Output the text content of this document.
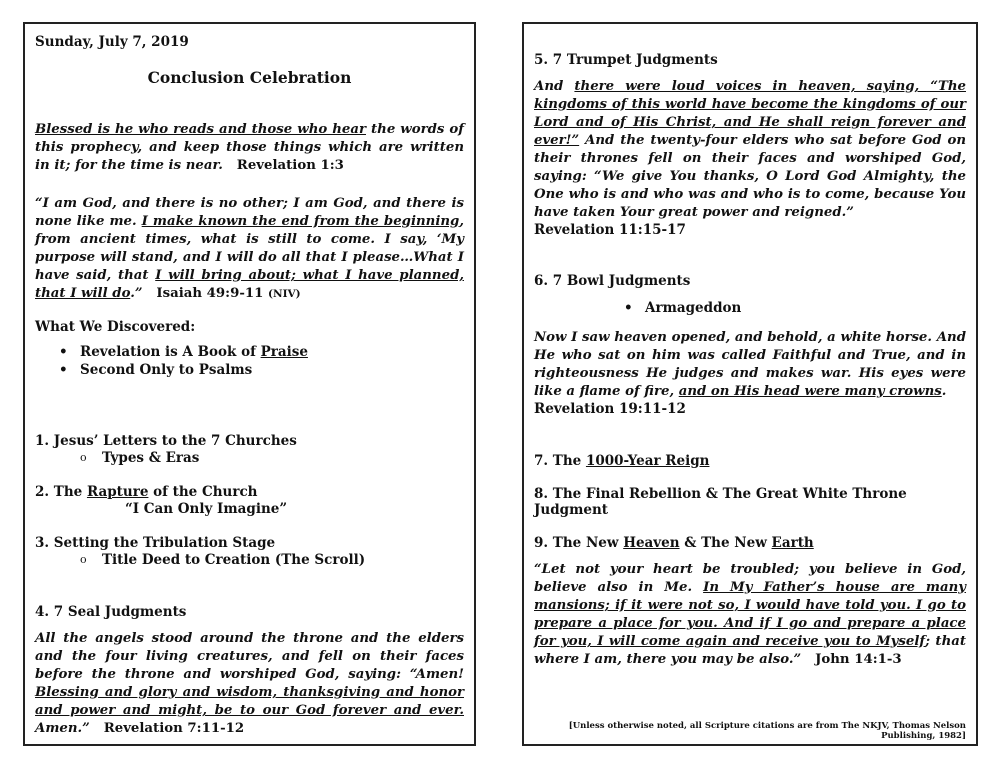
Sunday, July 7, 2019

Conclusion Celebration

Blessed is he who reads and those who hear the words of this prophecy, and keep those things which are written in it; for the time is near. Revelation 1:3

“I am God, and there is no other; I am God, and there is none like me. I make known the end from the beginning, from ancient times, what is still to come. I say, ‘My purpose will stand, and I will do all that I please…What I have said, that I will bring about; what I have planned, that I will do.” Isaiah 49:9-11 (NIV)

What We Discovered:

• Revelation is A Book of Praise
• Second Only to Psalms

1. Jesus’ Letters to the 7 Churches

o Types & Eras

2. The Rapture of the Church

“I Can Only Imagine”

3. Setting the Tribulation Stage

o Title Deed to Creation (The Scroll)

4. 7 Seal Judgments

All the angels stood around the throne and the elders and the four living creatures, and fell on their faces before the throne and worshiped God, saying: “Amen! Blessing and glory and wisdom, thanksgiving and honor and power and might, be to our God forever and ever. Amen.” Revelation 7:11-12

5. 7 Trumpet Judgments

And there were loud voices in heaven, saying, “The kingdoms of this world have become the kingdoms of our Lord and of His Christ, and He shall reign forever and ever!” And the twenty-four elders who sat before God on their thrones fell on their faces and worshiped God, saying: “We give You thanks, O Lord God Almighty, the One who is and who was and who is to come, because You have taken Your great power and reigned.”

Revelation 11:15-17

6. 7 Bowl Judgments

• Armageddon

Now I saw heaven opened, and behold, a white horse. And He who sat on him was called Faithful and True, and in righteousness He judges and makes war. His eyes were like a flame of fire, and on His head were many crowns.

Revelation 19:11-12

7. The 1000-Year Reign

8. The Final Rebellion & The Great White Throne Judgment

9. The New Heaven & The New Earth

“Let not your heart be troubled; you believe in God, believe also in Me. In My Father’s house are many mansions; if it were not so, I would have told you. I go to prepare a place for you. And if I go and prepare a place for you, I will come again and receive you to Myself; that where I am, there you may be also.” John 14:1-3

[Unless otherwise noted, all Scripture citations are from The NKJV, Thomas Nelson Publishing, 1982]
